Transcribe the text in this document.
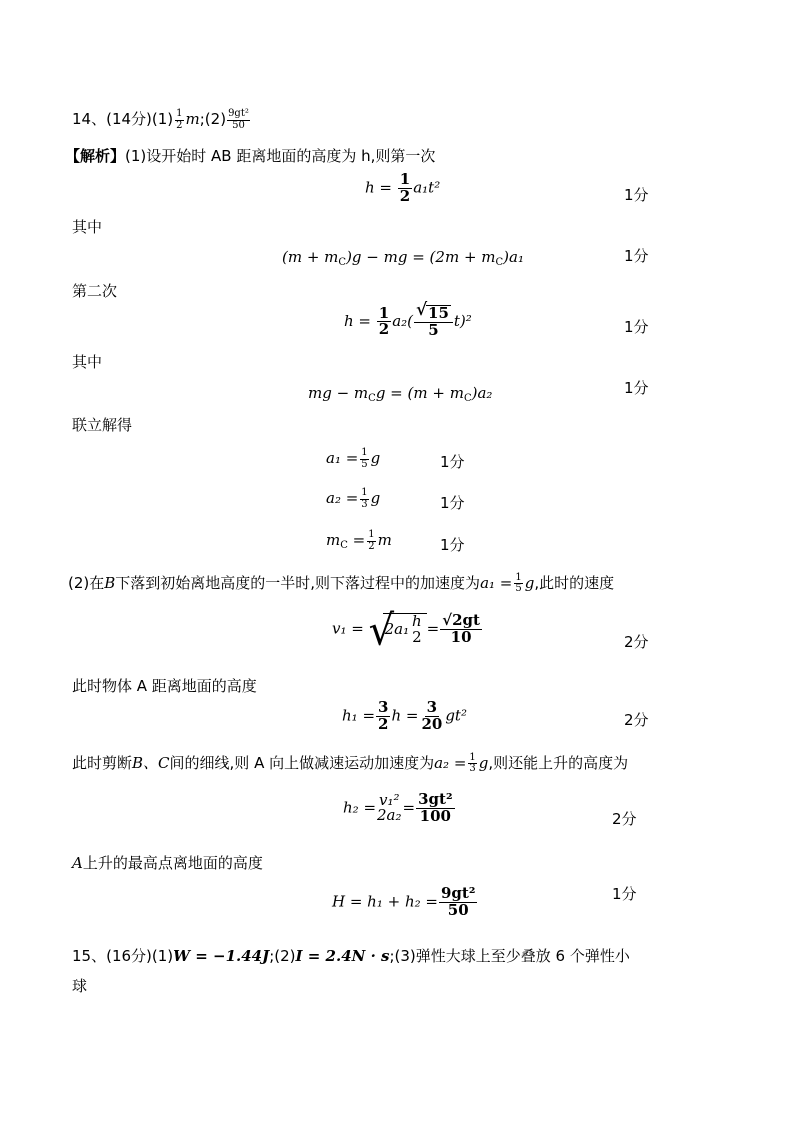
14、(14分)$(1) \frac{1}{2}$ m;(2) $\frac{\text{9gt²}}{50}$
【解析】(1)设开始时 AB 距离地面的高度为 h,则第一次
$h = \frac{1}{2} a_1t^2$	1分
其中
$(m + m_C)g$ − mg = $(2m + m_C)a_1$	1分
第二次
$h = \frac{1}{2} a_2$( √ $\frac{15}{5} t)^2$	1分
其中
mg − $m_Cg = (m + m_C)a_2$	1分
联立解得
$a_1 = \frac{1}{5}$ g	1分
$a_2 = \frac{1}{3}$ g	1分
$m_C = \frac{1}{2}$ m	1分
(2)在B下落到初始离地高度的一半时,则下落过程中的加速度为$a_1 = \frac{1}{5} g$,此时的速度
v₁ = √ 2a₁ h
$2 = \frac{√2gt}{10}$	2分
此时物体 A 距离地面的高度
$h_1 = \frac{3}{2}$ $h = \frac{3}{20} gt^2$	2分
此时剪断B、C间的细线,则 A 向上做减速运动加速度为$a_2 = \frac{1}{3} g$,则还能上升的高度为
h₂ = v₁²
$2a_2 = \frac{\text{3gt²}}{100}$	2分
A上升的最高点离地面的高度
$H = h_1 + h_2 = \frac{\text{9gt²}}{50}$	1分
15、(16分)(1)W = −1.44J;(2)I = 2.4N · s;(3)弹性大球上至少叠放 6 个弹性小
球
